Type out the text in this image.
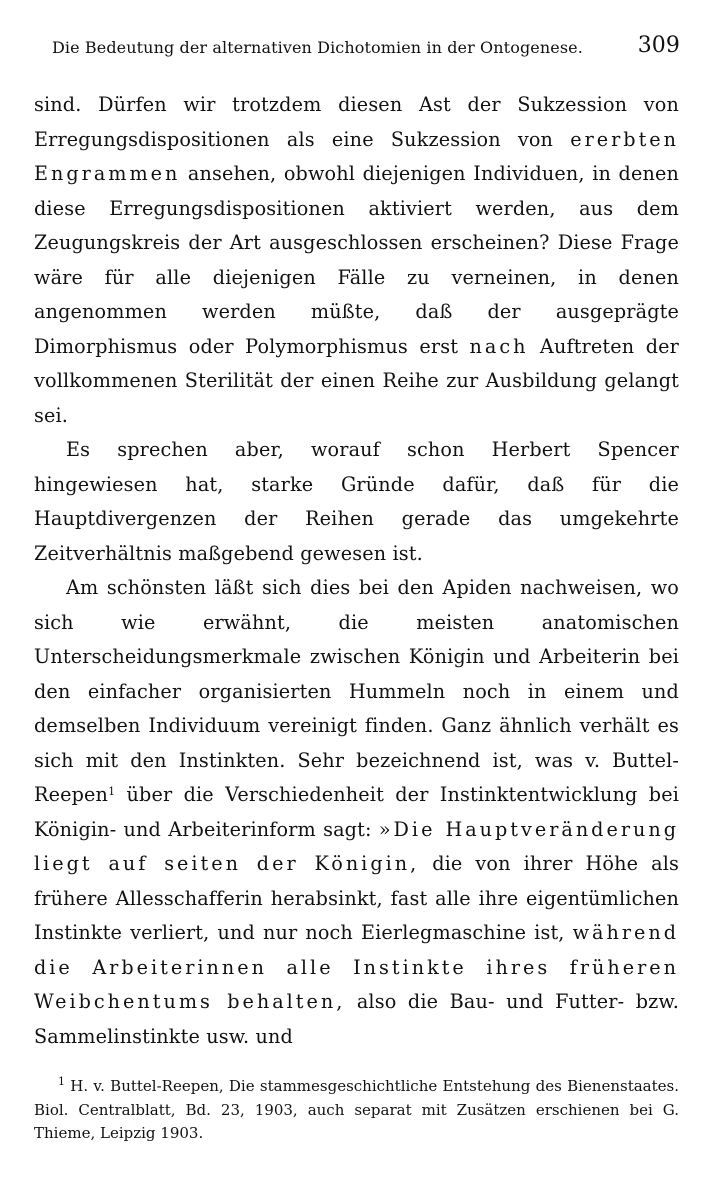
Die Bedeutung der alternativen Dichotomien in der Ontogenese. 309

sind. Dürfen wir trotzdem diesen Ast der Sukzession von Erregungsdispositionen als eine Sukzession von ererbten Engrammen ansehen, obwohl diejenigen Individuen, in denen diese Erregungsdispositionen aktiviert werden, aus dem Zeugungskreis der Art ausgeschlossen erscheinen? Diese Frage wäre für alle diejenigen Fälle zu verneinen, in denen angenommen werden müßte, daß der ausgeprägte Dimorphismus oder Polymorphismus erst nach Auftreten der vollkommenen Sterilität der einen Reihe zur Ausbildung gelangt sei.

Es sprechen aber, worauf schon Herbert Spencer hingewiesen hat, starke Gründe dafür, daß für die Hauptdivergenzen der Reihen gerade das umgekehrte Zeitverhältnis maßgebend gewesen ist.

Am schönsten läßt sich dies bei den Apiden nachweisen, wo sich wie erwähnt, die meisten anatomischen Unterscheidungsmerkmale zwischen Königin und Arbeiterin bei den einfacher organisierten Hummeln noch in einem und demselben Individuum vereinigt finden. Ganz ähnlich verhält es sich mit den Instinkten. Sehr bezeichnend ist, was v. Buttel-Reepen$^1$ über die Verschiedenheit der Instinktentwicklung bei Königin- und Arbeiterinform sagt: »Die Hauptveränderung liegt auf seiten der Königin, die von ihrer Höhe als frühere Allesschafferin herabsinkt, fast alle ihre eigentümlichen Instinkte verliert, und nur noch Eierlegmaschine ist, während die Arbeiterinnen alle Instinkte ihres früheren Weibchentums behalten, also die Bau- und Futter- bzw. Sammelinstinkte usw. und

$^1$ H. v. Buttel-Reepen, Die stammesgeschichtliche Entstehung des Bienenstaates. Biol. Centralblatt, Bd. 23, 1903, auch separat mit Zusätzen erschienen bei G. Thieme, Leipzig 1903.
